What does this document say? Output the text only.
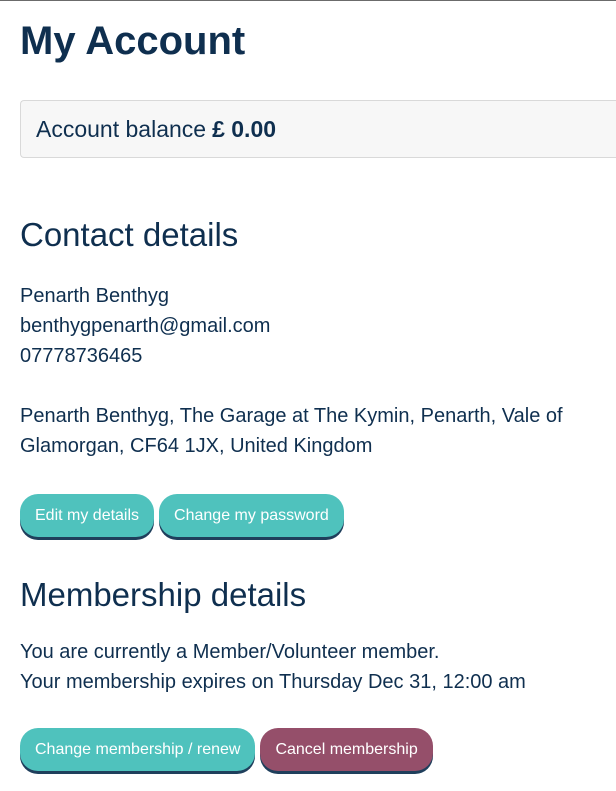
My Account
Account balance £ 0.00
Contact details
Penarth Benthyg
benthygpenarth@gmail.com
07778736465
Penarth Benthyg, The Garage at The Kymin, Penarth, Vale of Glamorgan, CF64 1JX, United Kingdom
Edit my details	Change my password
Membership details
You are currently a Member/Volunteer member.
Your membership expires on Thursday Dec 31, 12:00 am
Change membership / renew	Cancel membership
